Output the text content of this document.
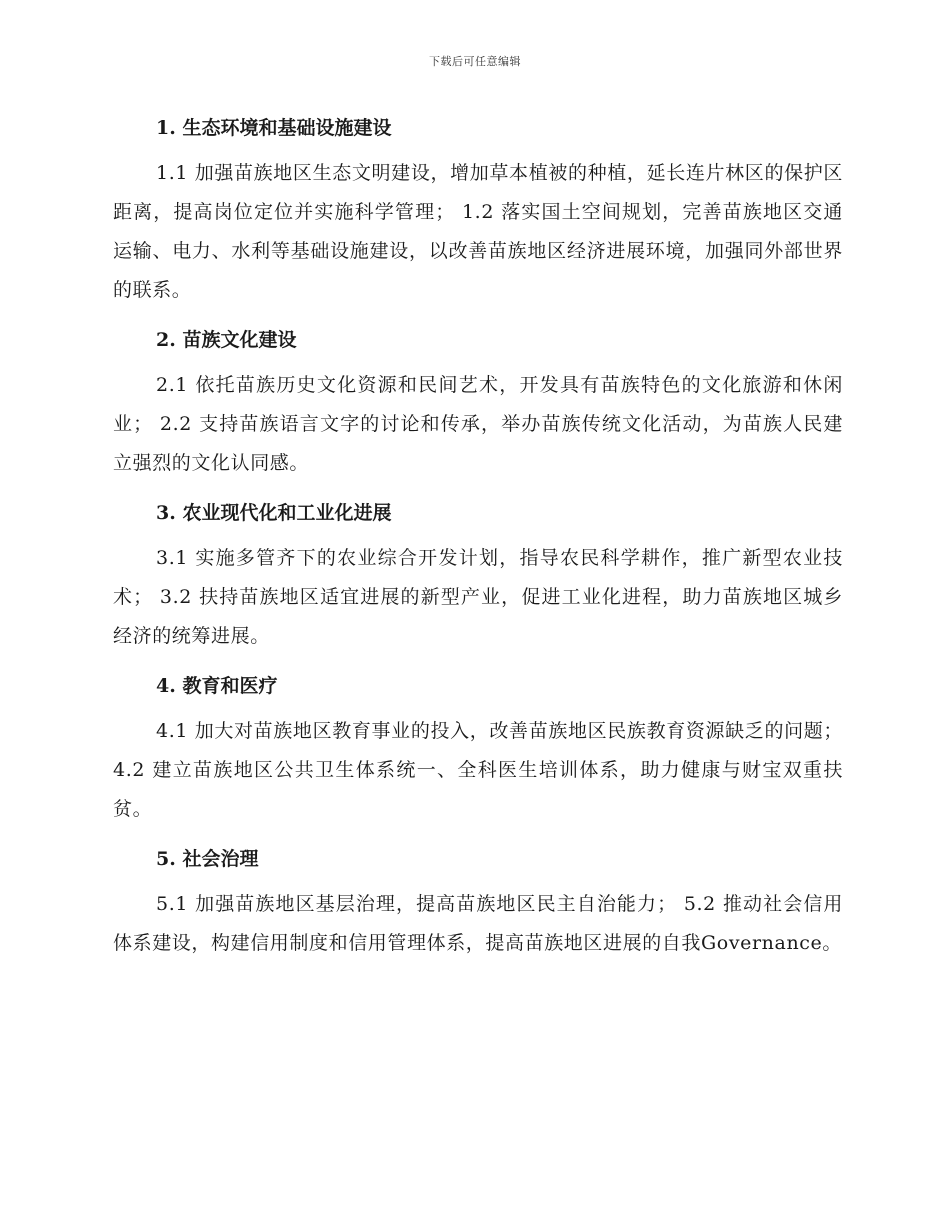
下载后可任意编辑
1. 生态环境和基础设施建设

1.1 加强苗族地区生态文明建设，增加草本植被的种植，延长连片林区的保护区距离，提高岗位定位并实施科学管理； 1.2 落实国土空间规划，完善苗族地区交通运输、电力、水利等基础设施建设，以改善苗族地区经济进展环境，加强同外部世界的联系。

2. 苗族文化建设

2.1 依托苗族历史文化资源和民间艺术，开发具有苗族特色的文化旅游和休闲业； 2.2 支持苗族语言文字的讨论和传承，举办苗族传统文化活动，为苗族人民建立强烈的文化认同感。

3. 农业现代化和工业化进展

3.1 实施多管齐下的农业综合开发计划，指导农民科学耕作，推广新型农业技术； 3.2 扶持苗族地区适宜进展的新型产业，促进工业化进程，助力苗族地区城乡经济的统筹进展。

4. 教育和医疗

4.1 加大对苗族地区教育事业的投入，改善苗族地区民族教育资源缺乏的问题； 4.2 建立苗族地区公共卫生体系统一、全科医生培训体系，助力健康与财宝双重扶贫。

5. 社会治理

5.1 加强苗族地区基层治理，提高苗族地区民主自治能力； 5.2 推动社会信用体系建设，构建信用制度和信用管理体系，提高苗族地区进展的自我Governance。
